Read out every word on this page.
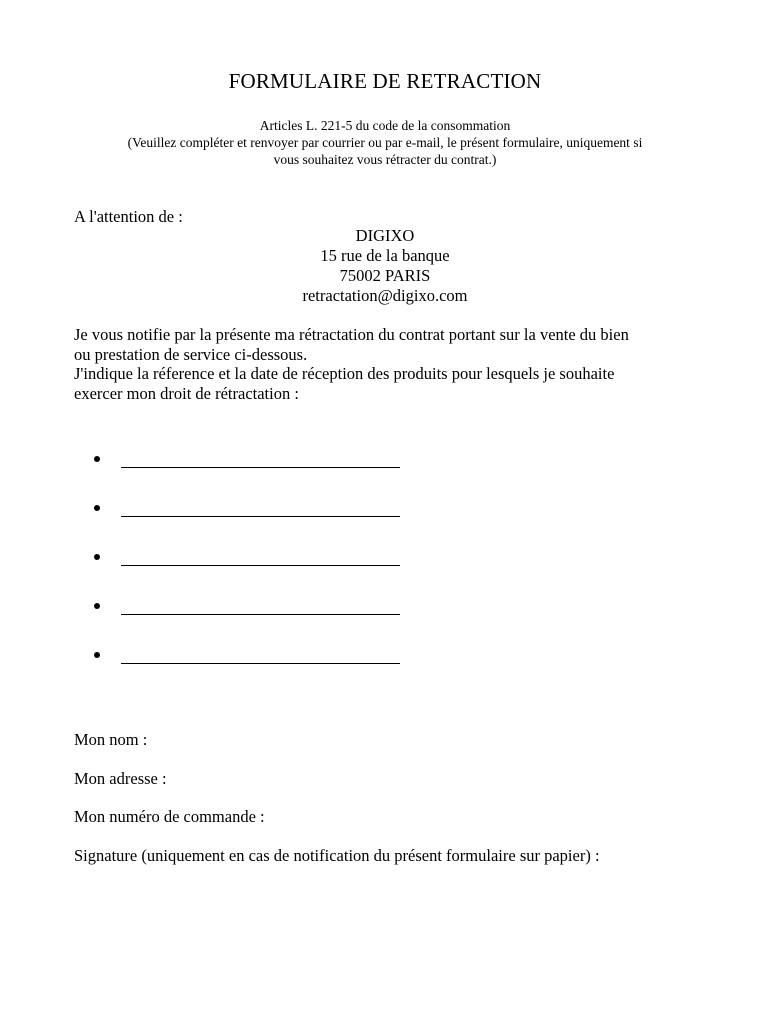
FORMULAIRE DE RETRACTION
Articles L. 221-5 du code de la consommation
(Veuillez compléter et renvoyer par courrier ou par e-mail, le présent formulaire, uniquement si
vous souhaitez vous rétracter du contrat.)
A l'attention de :
DIGIXO
15 rue de la banque
75002 PARIS
retractation@digixo.com

Je vous notifie par la présente ma rétractation du contrat portant sur la vente du bien
ou prestation de service ci-dessous.
J'indique la réference et la date de réception des produits pour lesquels je souhaite
exercer mon droit de rétractation :

Mon nom :
Mon adresse :
Mon numéro de commande :
Signature (uniquement en cas de notification du présent formulaire sur papier) :
